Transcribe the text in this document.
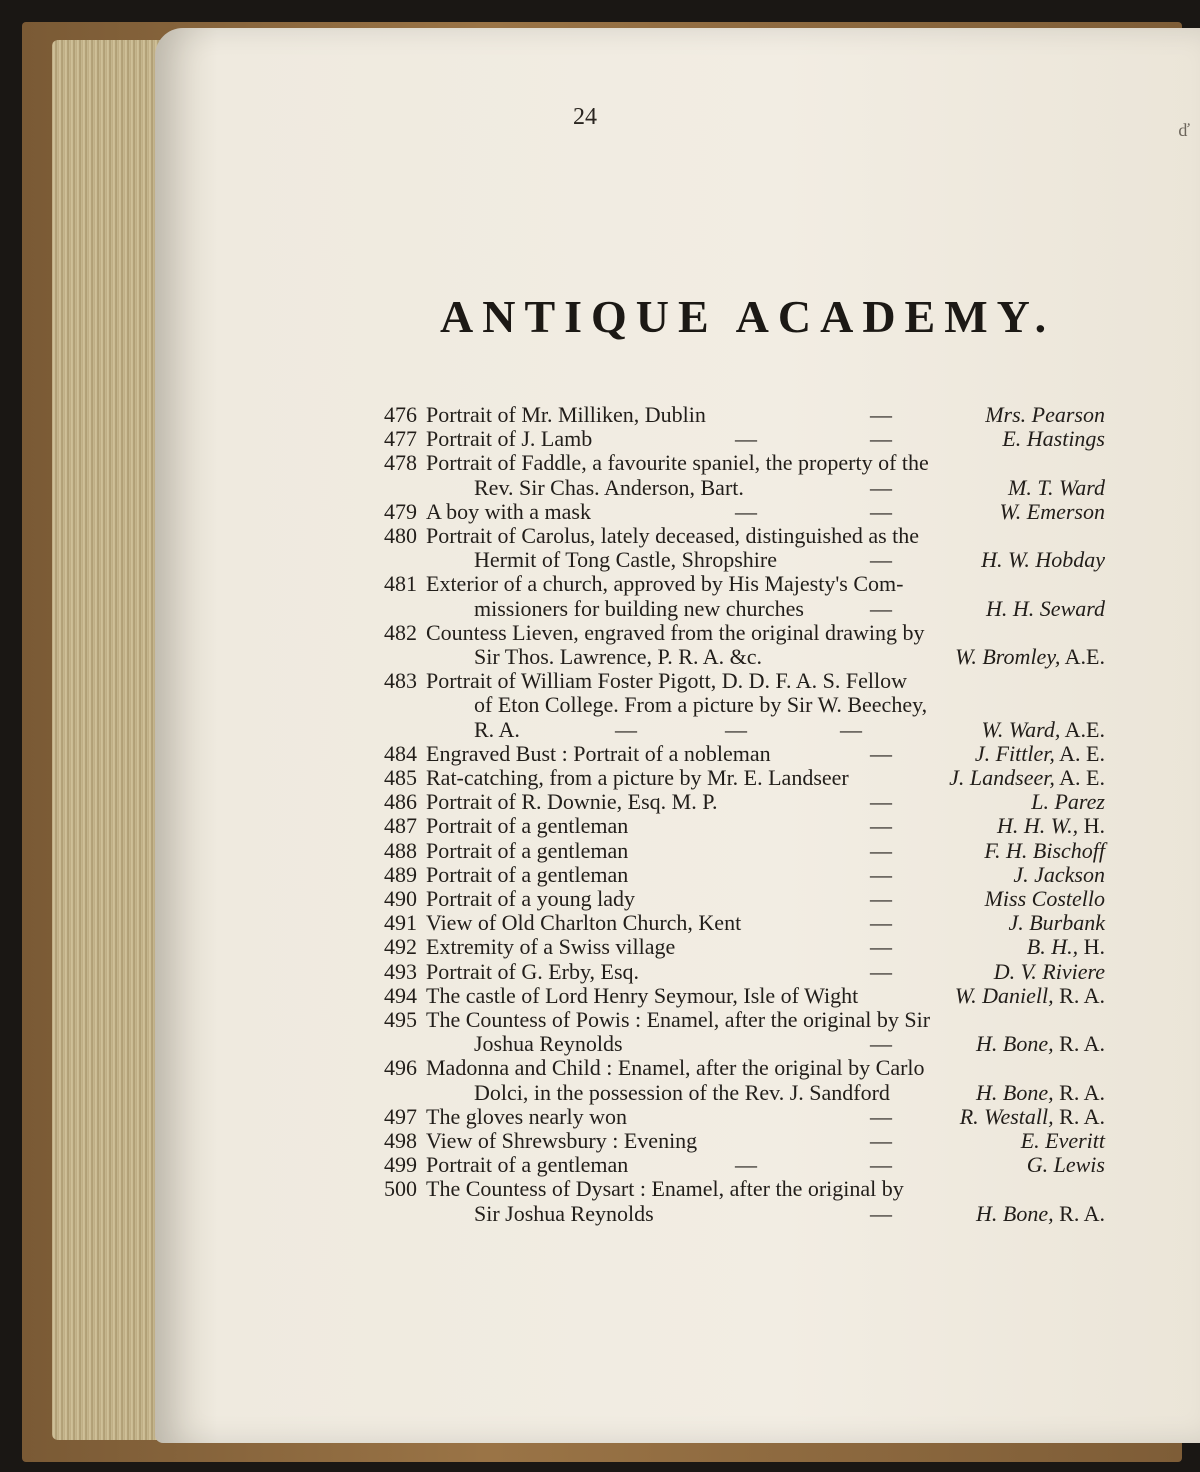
24	ď
ANTIQUE ACADEMY.
476 Portrait of Mr. Milliken, Dublin	—	Mrs. Pearson
477 Portrait of J. Lamb	—	—	E. Hastings
478 Portrait of Faddle, a favourite spaniel, the property of the
Rev. Sir Chas. Anderson, Bart.	—	M. T. Ward
479 A boy with a mask	—	—	W. Emerson
480 Portrait of Carolus, lately deceased, distinguished as the
Hermit of Tong Castle, Shropshire	—	H. W. Hobday
481 Exterior of a church, approved by His Majesty's Com-
missioners for building new churches	—	H. H. Seward
482 Countess Lieven, engraved from the original drawing by
Sir Thos. Lawrence, P. R. A. &c.	W. Bromley, A.E.
483 Portrait of William Foster Pigott, D. D. F. A. S. Fellow
of Eton College. From a picture by Sir W. Beechey,
R. A.	—	—	—	W. Ward, A.E.
484 Engraved Bust : Portrait of a nobleman	—	J. Fittler, A. E.
485 Rat-catching, from a picture by Mr. E. Landseer	J. Landseer, A. E.
486 Portrait of R. Downie, Esq. M. P.	—	L. Parez
487 Portrait of a gentleman	—	H. H. W., H.
488 Portrait of a gentleman	—	F. H. Bischoff
489 Portrait of a gentleman	—	J. Jackson
490 Portrait of a young lady	—	Miss Costello
491 View of Old Charlton Church, Kent	—	J. Burbank
492 Extremity of a Swiss village	—	B. H., H.
493 Portrait of G. Erby, Esq.	—	D. V. Riviere
494 The castle of Lord Henry Seymour, Isle of Wight	W. Daniell, R. A.
495 The Countess of Powis : Enamel, after the original by Sir
Joshua Reynolds	—	H. Bone, R. A.
496 Madonna and Child : Enamel, after the original by Carlo
Dolci, in the possession of the Rev. J. Sandford	H. Bone, R. A.
497 The gloves nearly won	—	R. Westall, R. A.
498 View of Shrewsbury : Evening	—	E. Everitt
499 Portrait of a gentleman	—	—	G. Lewis
500 The Countess of Dysart : Enamel, after the original by
Sir Joshua Reynolds	—	H. Bone, R. A.
